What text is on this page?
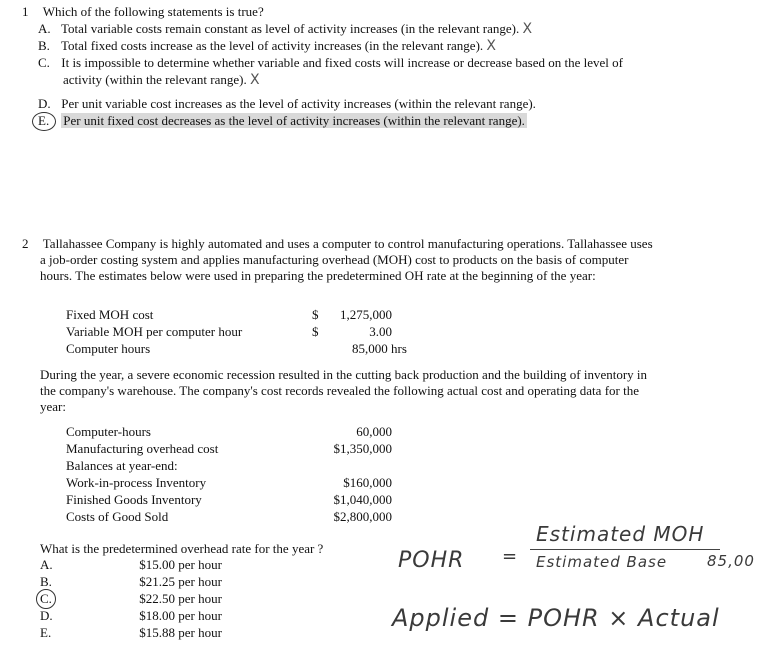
1 Which of the following statements is true?
A. Total variable costs remain constant as level of activity increases (in the relevant range). X
B. Total fixed costs increase as the level of activity increases (in the relevant range). X
C. It is impossible to determine whether variable and fixed costs will increase or decrease based on the level of
activity (within the relevant range). X
D. Per unit variable cost increases as the level of activity increases (within the relevant range).
E. Per unit fixed cost decreases as the level of activity increases (within the relevant range).
2 Tallahassee Company is highly automated and uses a computer to control manufacturing operations. Tallahassee uses
a job-order costing system and applies manufacturing overhead (MOH) cost to products on the basis of computer
hours. The estimates below were used in preparing the predetermined OH rate at the beginning of the year:
Fixed MOH cost	$	1,275,000
Variable MOH per computer hour	$	3.00
Computer hours	85,000 hrs
During the year, a severe economic recession resulted in the cutting back production and the building of inventory in
the company's warehouse. The company's cost records revealed the following actual cost and operating data for the
year:
Computer-hours	60,000
Manufacturing overhead cost	$1,350,000
Balances at year-end:
Work-in-process Inventory	$160,000
Finished Goods Inventory	$1,040,000
Costs of Good Sold	$2,800,000
What is the predetermined overhead rate for the year ?
A.	$15.00 per hour
B.	$21.25 per hour
C.	$22.50 per hour
D.	$18.00 per hour
E.	$15.88 per hour
POHR =
Estimated MOH
Estimated Base	85,00
Applied = POHR × Actual
